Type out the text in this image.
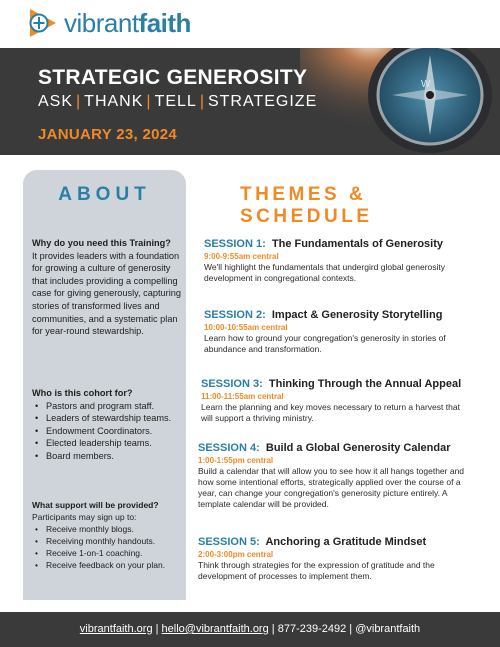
vibrantfaith
W
STRATEGIC GENEROSITY
ASK | THANK | TELL | STRATEGIZE
JANUARY 23, 2024
ABOUT
Why do you need this Training?
It provides leaders with a foundation for growing a culture of generosity that includes providing a compelling case for giving generously, capturing stories of transformed lives and communities, and a systematic plan for year-round stewardship.
Who is this cohort for?
• Pastors and program staff.
• Leaders of stewardship teams.
• Endowment Coordinators.
• Elected leadership teams.
• Board members.
What support will be provided?
Participants may sign up to:
• Receive monthly blogs.
• Receiving monthly handouts.
• Receive 1-on-1 coaching.
• Receive feedback on your plan.
THEMES & SCHEDULE
SESSION 1: The Fundamentals of Generosity
9:00-9:55am central
We'll highlight the fundamentals that undergird global generosity development in congregational contexts.
SESSION 2: Impact & Generosity Storytelling
10:00-10:55am central
Learn how to ground your congregation's generosity in stories of abundance and transformation.
SESSION 3: Thinking Through the Annual Appeal
11:00-11:55am central
Learn the planning and key moves necessary to return a harvest that will support a thriving ministry.
SESSION 4: Build a Global Generosity Calendar
1:00-1:55pm central
Build a calendar that will allow you to see how it all hangs together and how some intentional efforts, strategically applied over the course of a year, can change your congregation's generosity picture entirely. A template calendar will be provided.
SESSION 5: Anchoring a Gratitude Mindset
2:00-3:00pm central
Think through strategies for the expression of gratitude and the development of processes to implement them.
vibrantfaith.org | hello@vibrantfaith.org | 877-239-2492 | @vibrantfaith
